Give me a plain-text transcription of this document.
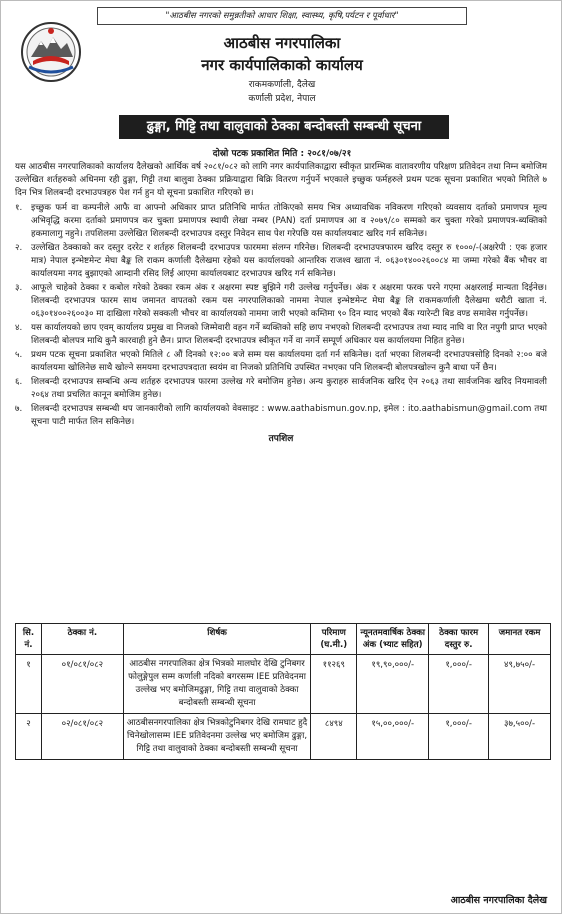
"आठबीस नगरको समुन्नतीको आधार शिक्षा, स्वास्थ्य, कृषि,पर्यटन र पूर्वाधार"
आठबीस नगरपालिका
नगर कार्यपालिकाको कार्यालय
राकमकर्णाली, दैलेख
कर्णाली प्रदेश, नेपाल
ढुङ्गा, गिट्टि तथा वालुवाको ठेक्का बन्दोबस्ती सम्बन्धी सूचना
दोस्रो पटक प्रकाशित मिति : २०८१/०७/२१

यस आठबीस नगरपालिकाको कार्यालय दैलेखको आर्थिक वर्ष २०८१/०८२ को लागि नगर कार्यपालिकाद्वारा स्वीकृत प्रारम्भिक वातावरणीय परिक्षण प्रतिवेदन तथा निम्न बमोजिम उल्लेखित शर्तहरुको अधिनमा रही ढुङ्गा, गिट्टी तथा बालुवा ठेक्का प्रक्रियाद्वारा बिक्रि वितरण गर्नुपर्ने भएकाले इच्छुक फर्महरुले प्रथम पटक सूचना प्रकाशित भएको मितिले ७ दिन भित्र शिलबन्दी दरभाउपत्रहरु पेश गर्न हुन यो सूचना प्रकाशित गरिएको छ।

१. इच्छुक फर्म वा कम्पनीले आफै वा आफ्नो अधिकार प्राप्त प्रतिनिधि मार्फत तोकिएको समय भित्र अध्यावधिक नविकरण गरिएको व्यवसाय दर्ताको प्रमाणपत्र मूल्य अभिवृद्धि करमा दर्ताको प्रमाणपत्र कर चुक्ता प्रमाणपत्र स्थायी लेखा नम्बर (PAN) दर्ता प्रमाणपत्र आ व २०७९/८० सम्मको कर चुक्ता गरेको प्रमाणपत्र-ब्यक्तिको हकमालागु नहुने। तपशिलमा उल्लेखित शिलबन्दी दरभाउपत्र दस्तुर निवेदन साथ पेश गरेपछि यस कार्यालयबाट खरिद गर्न सकिनेछ।
२. उल्लेखित ठेक्काको कर दस्तुर दररेट र शर्तहरु शिलबन्दी दरभाउपत्र फारममा संलग्न गरिनेछ। शिलबन्दी दरभाउपत्रफारम खरिद दस्तुर रु १०००/-(अक्षरेपी : एक हजार मात्र) नेपाल इन्भेष्टमेन्ट मेघा बैङ्क लि राकम कर्णाली दैलेखमा रहेको यस कार्यालयको आन्तरिक राजश्व खाता नं. ०६३०१४००२६००८४ मा जम्मा गरेको बैंक भौचर वा कार्यालयमा नगद बुझाएको आम्दानी रसिद लिई आएमा कार्यालयबाट दरभाउपत्र खरिद गर्न सकिनेछ।
३. आफूले चाहेको ठेक्का र कबोल गरेको ठेक्का रकम अंक र अक्षरमा स्पष्ट बुझिने गरी उल्लेख गर्नुपर्नेछ। अंक र अक्षरमा फरक परने गएमा अक्षरलाई मान्यता दिईनेछ। शिलबन्दी दरभाउपत्र फारम साथ जमानत वापतको रकम यस नगरपालिकाको नाममा नेपाल इन्भेष्टमेन्ट मेघा बैङ्क लि राकमकर्णाली दैलेखमा धरौटी खाता नं. ०६३०१४००२६००३० मा दाखिला गरेको सक्कली भौचर वा कार्यालयको नाममा जारी भएको कम्तिमा ९० दिन म्याद भएको बैंक ग्यारेन्टी बिड वण्ड समावेस गर्नुपर्नेछ।
४. यस कार्यालयको छाप एवम् कार्यालय प्रमुख वा निजको जिम्मेवारी वहन गर्ने ब्यक्तिको सहि छाप नभएको शिलबन्दी दरभाउपत्र तथा म्याद नाघि वा रित नपुगी प्राप्त भएको शिलबन्दी बोलपत्र माथि कुनै कारवाही हुने छैन। प्राप्त शिलबन्दी दरभाउपत्र स्वीकृत गर्ने वा नगर्ने सम्पूर्ण अधिकार यस कार्यालयमा निहित हुनेछ।
५. प्रथम पटक सूचना प्रकाशित भएको मितिले ८ औं दिनको १२:०० बजे सम्म यस कार्यालयमा दर्ता गर्न सकिनेछ। दर्ता भएका शिलबन्दी दरभाउपत्रसोहि दिनको २:०० बजे कार्यालयमा खोलिनेछ साथै खोल्ने समयमा दरभाउपत्रदाता स्वयंम वा निजको प्रतिनिधि उपस्थित नभएका पनि शिलबन्दी बोलपत्रखोल्न कुनै बाधा पर्ने छैन।
६. शिलबन्दी दरभाउपत्र सम्बन्धि अन्य शर्तहरु दरभाउपत्र फारमा उल्लेख गरे बमोजिम हुनेछ। अन्य कुराहरु सार्वजनिक खरिद ऐन २०६३ तथा सार्वजनिक खरिद नियमावली २०६४ तथा प्रचलित कानून बमोजिम हुनेछ।
७. शिलबन्दी दरभाउपत्र सम्बन्धी थप जानकारीको लागि कार्यालयको वेवसाइट : www.aathabismun.gov.np, इमेल : ito.aathabismun@gmail.com तथा सूचना पाटी मार्फत लिन सकिनेछ।
तपशिल
सि. नं.	ठेक्का नं.	शिर्षक	परिमाण (घ.मी.)	न्यूनतमवार्षिक ठेक्का अंक (भ्याट सहित)	ठेक्का फारम दस्तुर रु.	जमानत रकम
१	०१/०८१/०८२	आठबीस नगरपालिका क्षेत्र भित्रको मालघोर देखि टुनिबगर फोलुङ्गेपुल सम्म कर्णाली नदिको बगरसम्म IEE प्रतिवेदनमा उल्लेख भए बमोजिमढुङ्गा, गिट्टि तथा वालुवाको ठेक्का बन्दोबस्ती सम्बन्धी सूचना	११२६९	१९,९०,०००/-	१,०००/-	४९,७५०/-
२	०२/०८१/०८२	आठबीसनगरपालिका क्षेत्र भित्रकोटुनिबगर देखि रामघाट हुदै चिनेखोलासम्म IEE प्रतिवेदनमा उल्लेख भए बमोजिम ढुङ्गा, गिट्टि तथा वालुवाको ठेक्का बन्दोबस्ती सम्बन्धी सूचना	८४९४	१५,००,०००/-	१,०००/-	३७,५००/-
आठबीस नगरपालिका दैलेख
